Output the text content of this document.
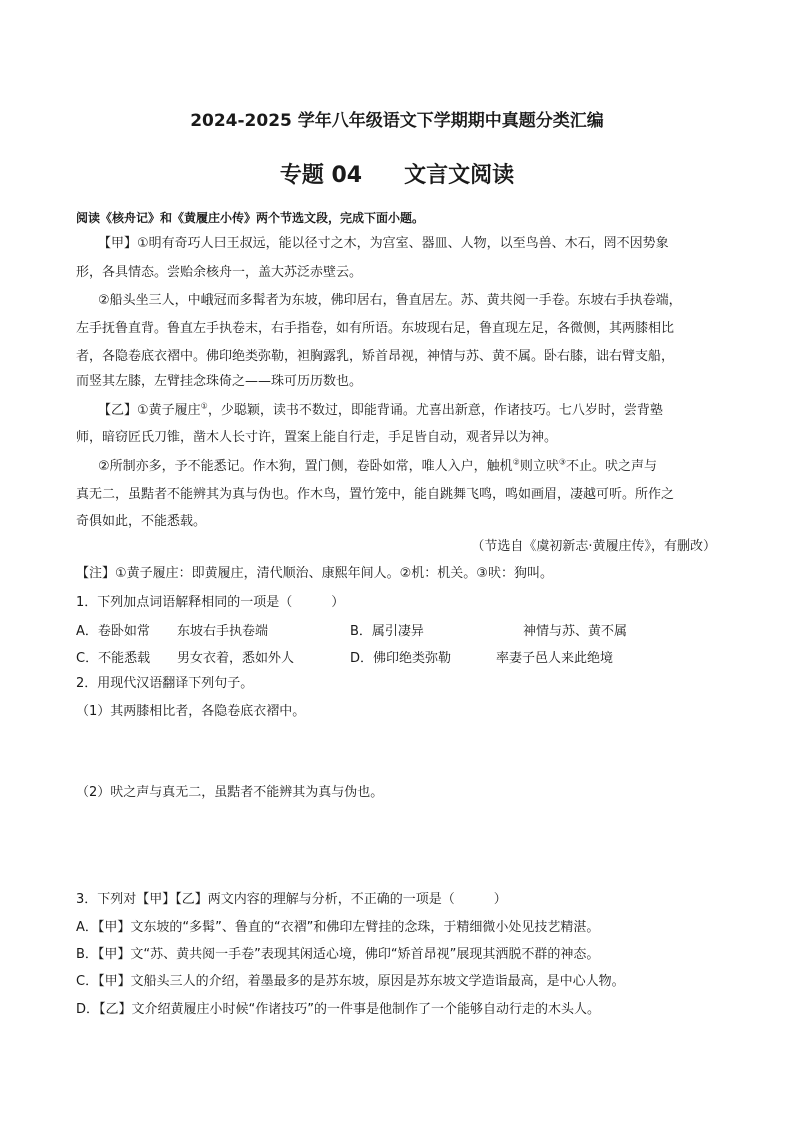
2024-2025 学年八年级语文下学期期中真题分类汇编
专题 04 文言文阅读
阅读《核舟记》和《黄履庄小传》两个节选文段，完成下面小题。
【甲】①明有奇巧人曰王叔远，能以径寸之木，为宫室、器皿、人物，以至鸟兽、木石，罔不因势象
形，各具情态。尝贻余核舟一，盖大苏泛赤壁云。
②船头坐三人，中峨冠而多髯者为东坡，佛印居右，鲁直居左。苏、黄共阅一手卷。东坡右手执卷端，
左手抚鲁直背。鲁直左手执卷末，右手指卷，如有所语。东坡现右足，鲁直现左足，各微侧，其两膝相比
者，各隐卷底衣褶中。佛印绝类弥勒，袒胸露乳，矫首昂视，神情与苏、黄不属。卧右膝，诎右臂支船，
而竖其左膝，左臂挂念珠倚之——珠可历历数也。
【乙】①黄子履庄①，少聪颖，读书不数过，即能背诵。尤喜出新意，作诸技巧。七八岁时，尝背塾
师，暗窃匠氏刀锥，凿木人长寸许，置案上能自行走，手足皆自动，观者异以为神。
②所制亦多，予不能悉记。作木狗，置门侧，卷卧如常，唯人入户，触机②则立吠③不止。吠之声与
真无二，虽黠者不能辨其为真与伪也。作木鸟，置竹笼中，能自跳舞飞鸣，鸣如画眉，凄越可听。所作之
奇俱如此，不能悉载。
（节选自《虞初新志·黄履庄传》，有删改）
【注】①黄子履庄：即黄履庄，清代顺治、康熙年间人。②机：机关。③吠：狗叫。
1．下列加点词语解释相同的一项是（　　　）
A．卷卧如常 东坡右手执卷端	B．属引凄异	神情与苏、黄不属
C．不能悉载 男女衣着，悉如外人	D．佛印绝类弥勒	率妻子邑人来此绝境
2．用现代汉语翻译下列句子。
（1）其两膝相比者，各隐卷底衣褶中。
（2）吠之声与真无二，虽黠者不能辨其为真与伪也。
3．下列对【甲】【乙】两文内容的理解与分析，不正确的一项是（　　　）
A．【甲】文东坡的“多髯”、鲁直的“衣褶”和佛印左臂挂的念珠，于精细微小处见技艺精湛。
B．【甲】文“苏、黄共阅一手卷”表现其闲适心境，佛印“矫首昂视”展现其洒脱不群的神态。
C．【甲】文船头三人的介绍，着墨最多的是苏东坡，原因是苏东坡文学造诣最高，是中心人物。
D．【乙】文介绍黄履庄小时候“作诸技巧”的一件事是他制作了一个能够自动行走的木头人。
